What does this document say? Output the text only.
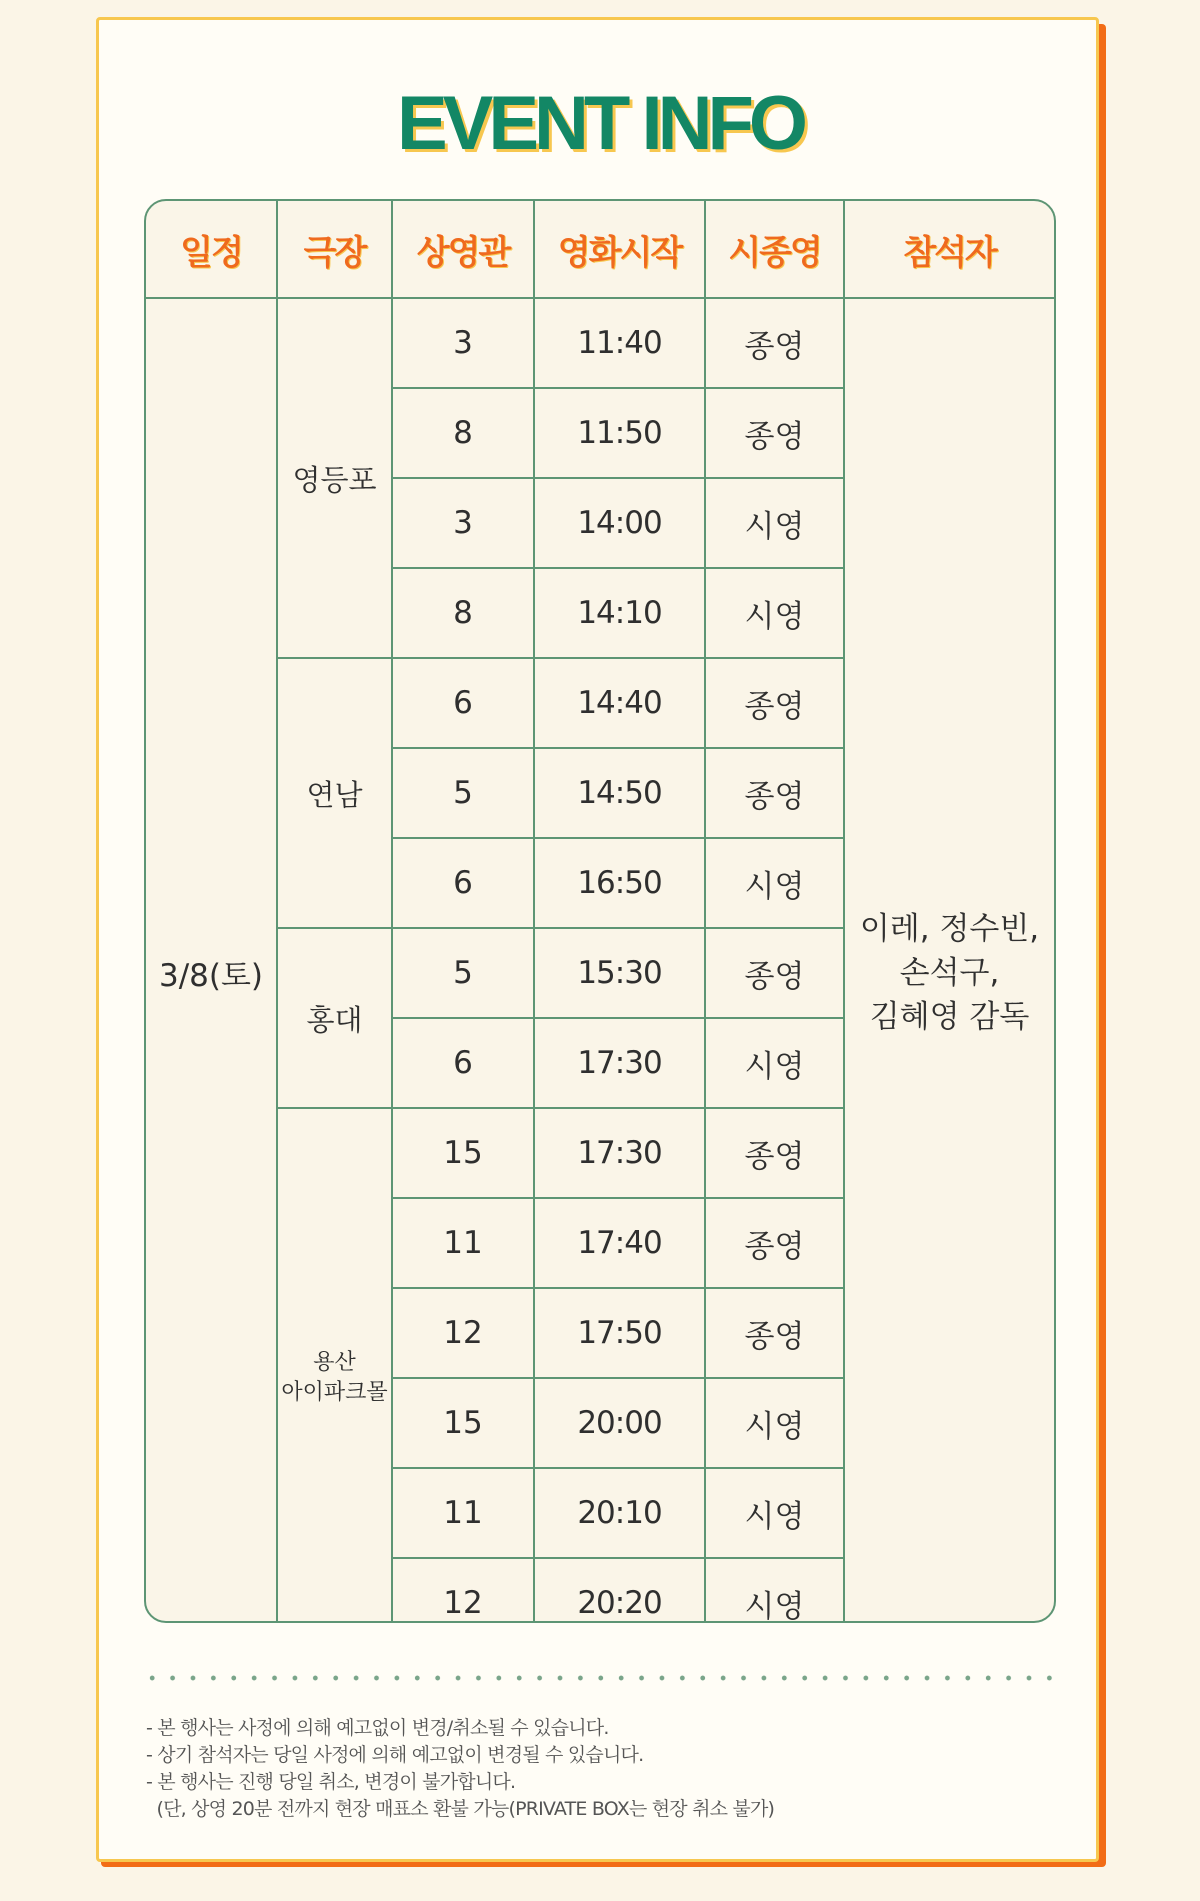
EVENT INFO
일정	극장	상영관	영화시작	시종영	참석자
3/8(토)	영등포	3	11:40	종영	이레, 정수빈,
손석구,
김혜영 감독

		8	11:50	종영	
		3	14:00	시영	
		8	14:10	시영	

	연남	6	14:40	종영	
		5	14:50	종영	
		6	16:50	시영	

	홍대	5	15:30	종영	
		6	17:30	시영	

	용산
아이파크몰	15	17:30	종영	
		11	17:40	종영	
		12	17:50	종영	
		15	20:00	시영	
		11	20:10	시영	
		12	20:20	시영	
- 본 행사는 사정에 의해 예고없이 변경/취소될 수 있습니다.
- 상기 참석자는 당일 사정에 의해 예고없이 변경될 수 있습니다.
- 본 행사는 진행 당일 취소, 변경이 불가합니다.
(단, 상영 20분 전까지 현장 매표소 환불 가능(PRIVATE BOX는 현장 취소 불가)
